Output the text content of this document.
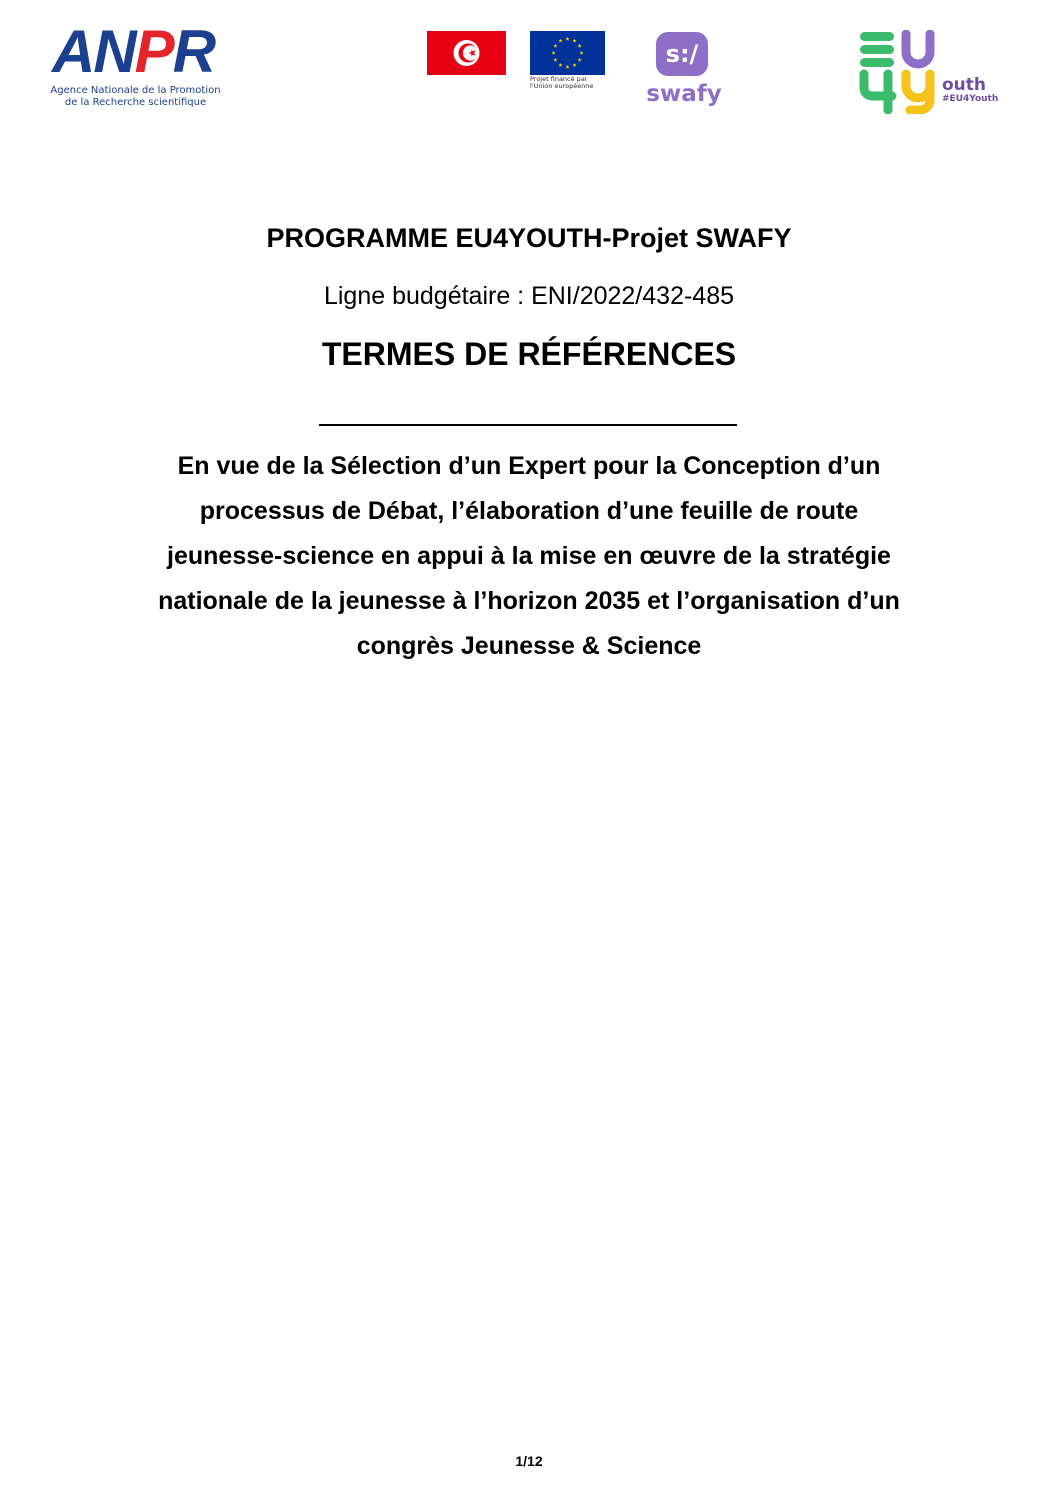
ANPR
Agence Nationale de la Promotion
de la Recherche scientifique
Projet financé par
l'Union européenne
s:/
swafy	outh
#EU4Youth
PROGRAMME EU4YOUTH-Projet SWAFY
Ligne budgétaire : ENI/2022/432-485
TERMES DE RÉFÉRENCES
En vue de la Sélection d’un Expert pour la Conception d’un
processus de Débat, l’élaboration d’une feuille de route
jeunesse-science en appui à la mise en œuvre de la stratégie
nationale de la jeunesse à l’horizon 2035 et l’organisation d’un
congrès Jeunesse & Science
1/12
